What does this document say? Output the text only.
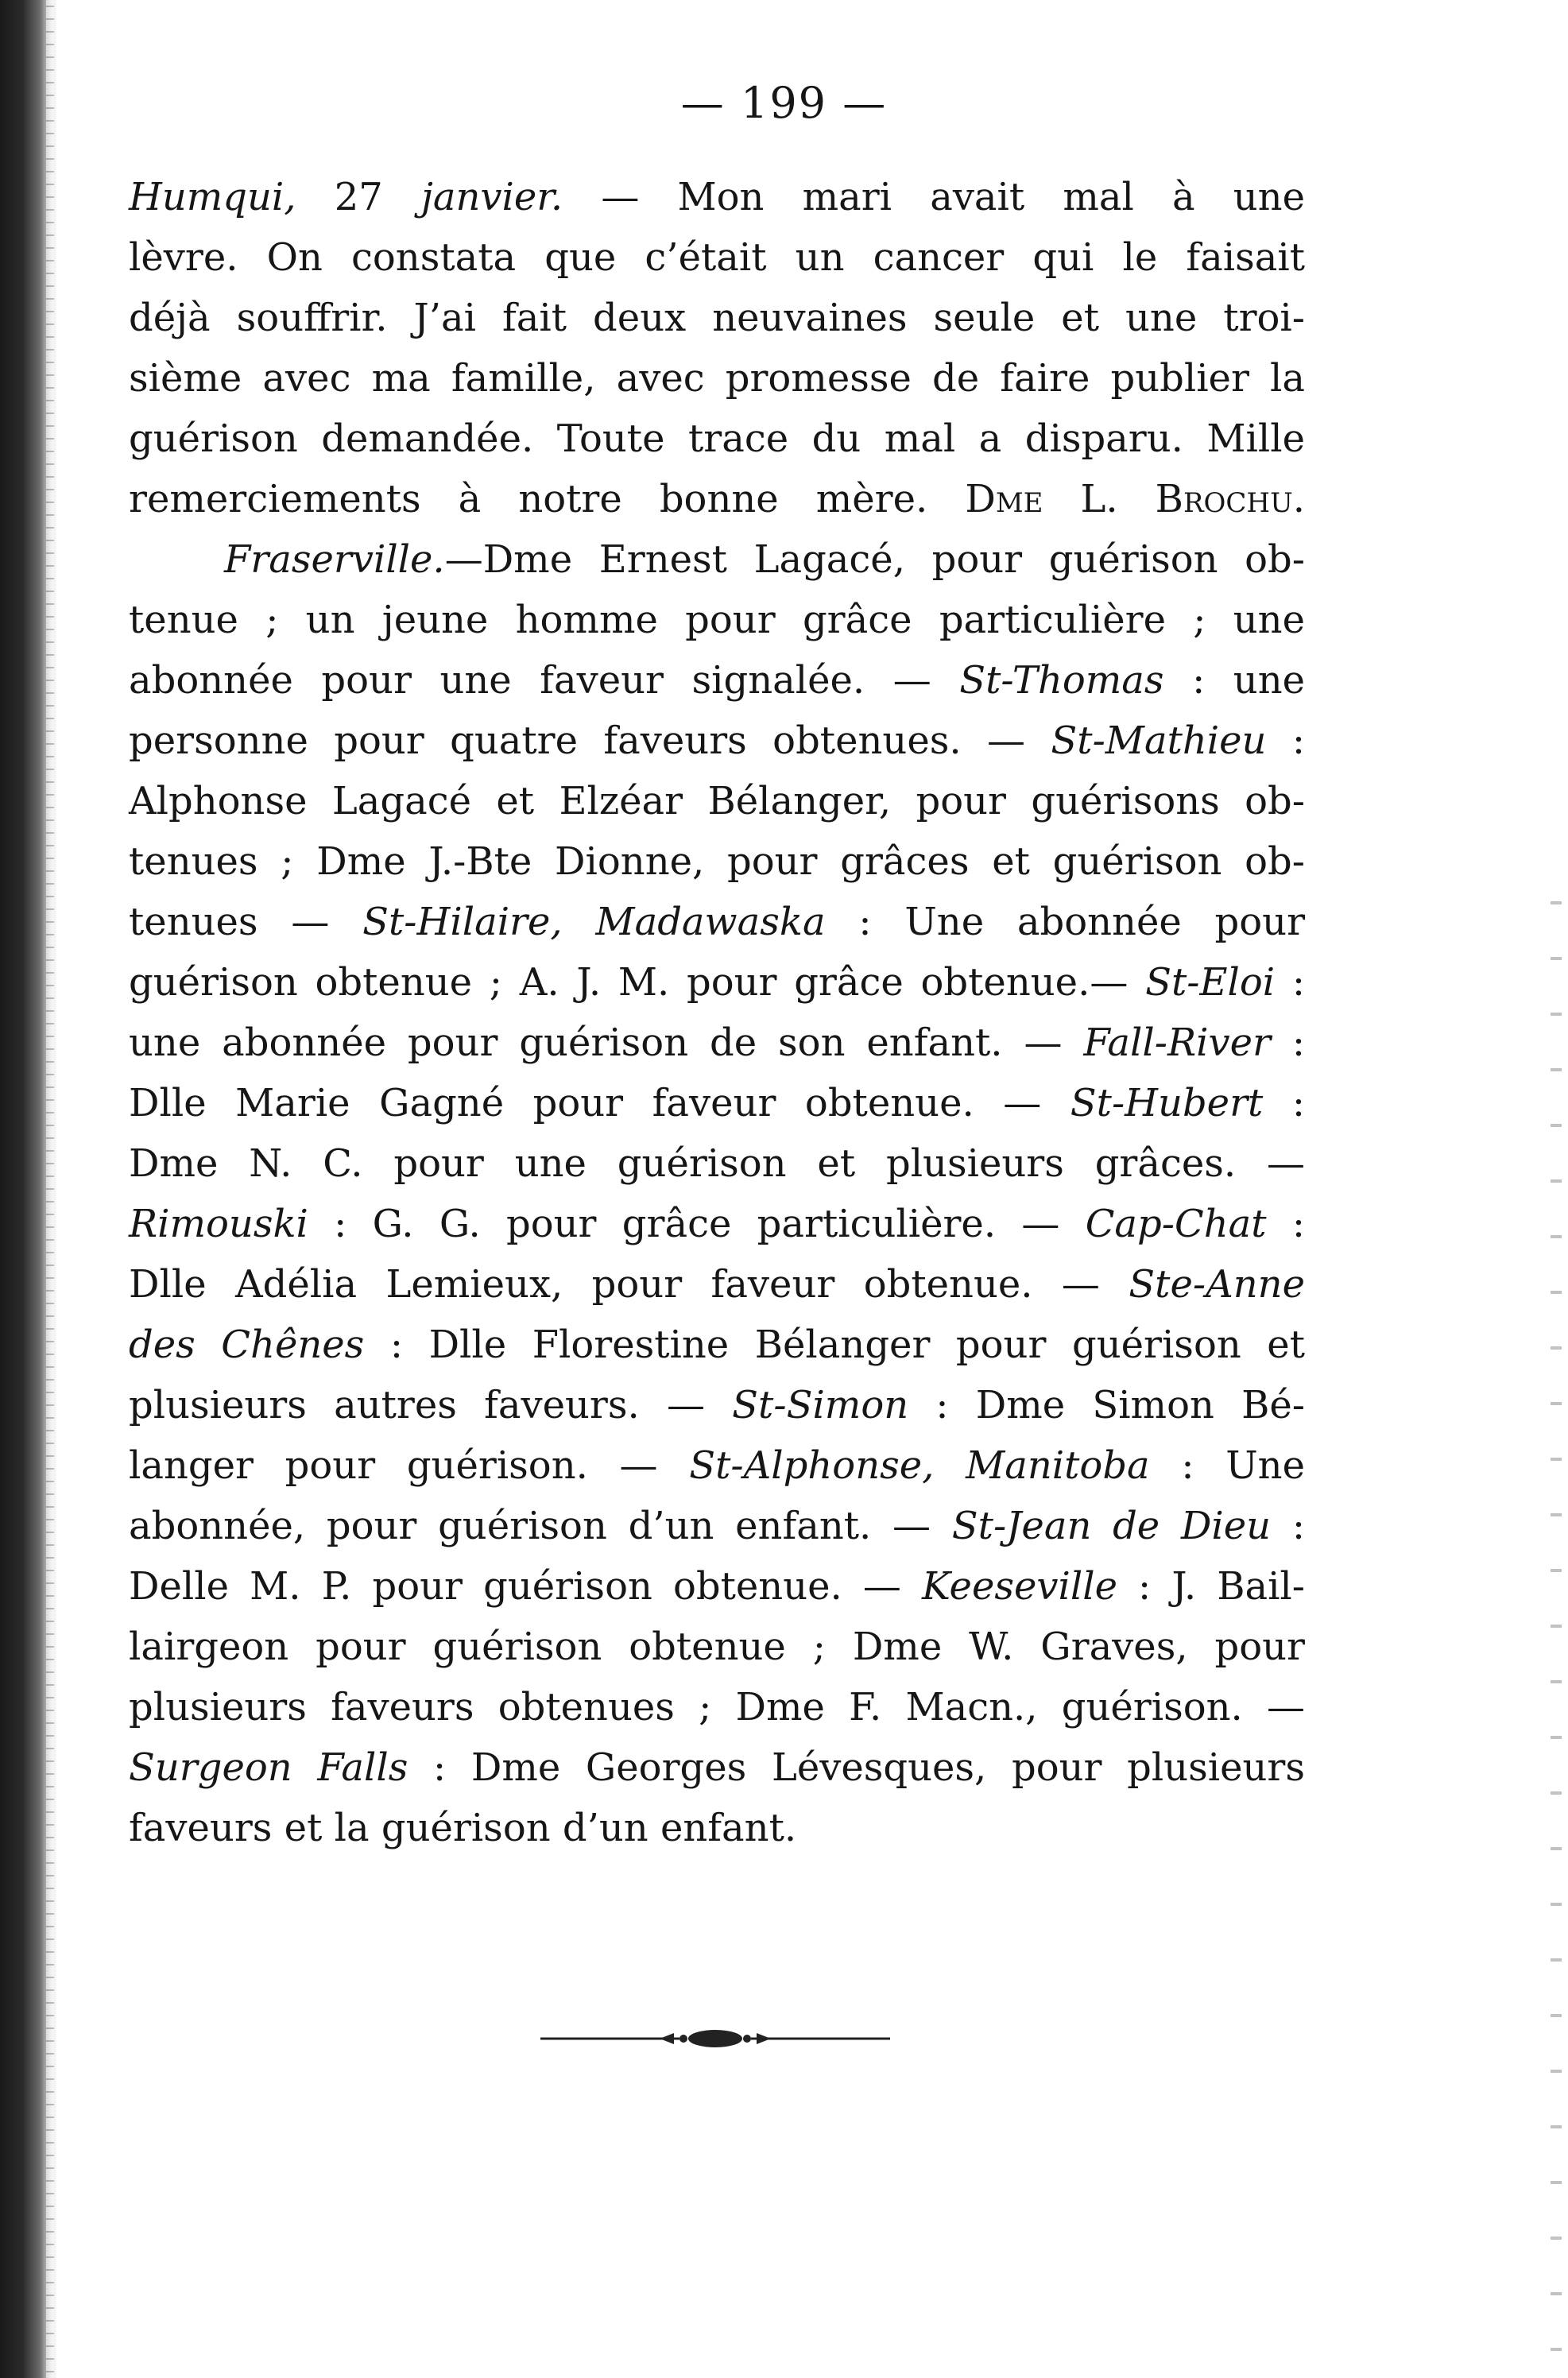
— 199 —
Humqui, 27 janvier. — Mon mari avait mal à une
lèvre. On constata que c’était un cancer qui le faisait
déjà souffrir. J’ai fait deux neuvaines seule et une troi-
sième avec ma famille, avec promesse de faire publier la
guérison demandée. Toute trace du mal a disparu. Mille
remerciements à notre bonne mère. Dme L. Brochu.
Fraserville.—Dme Ernest Lagacé, pour guérison ob-
tenue ; un jeune homme pour grâce particulière ; une
abonnée pour une faveur signalée. — St-Thomas : une
personne pour quatre faveurs obtenues. — St-Mathieu :
Alphonse Lagacé et Elzéar Bélanger, pour guérisons ob-
tenues ; Dme J.-Bte Dionne, pour grâces et guérison ob-
tenues — St-Hilaire, Madawaska : Une abonnée pour
guérison obtenue ; A. J. M. pour grâce obtenue.— St-Eloi :
une abonnée pour guérison de son enfant. — Fall-River :
Dlle Marie Gagné pour faveur obtenue. — St-Hubert :
Dme N. C. pour une guérison et plusieurs grâces. —
Rimouski : G. G. pour grâce particulière. — Cap-Chat :
Dlle Adélia Lemieux, pour faveur obtenue. — Ste-Anne
des Chênes : Dlle Florestine Bélanger pour guérison et
plusieurs autres faveurs. — St-Simon : Dme Simon Bé-
langer pour guérison. — St-Alphonse, Manitoba : Une
abonnée, pour guérison d’un enfant. — St-Jean de Dieu :
Delle M. P. pour guérison obtenue. — Keeseville : J. Bail-
lairgeon pour guérison obtenue ; Dme W. Graves, pour
plusieurs faveurs obtenues ; Dme F. Macn., guérison. —
Surgeon Falls : Dme Georges Lévesques, pour plusieurs
faveurs et la guérison d’un enfant.
